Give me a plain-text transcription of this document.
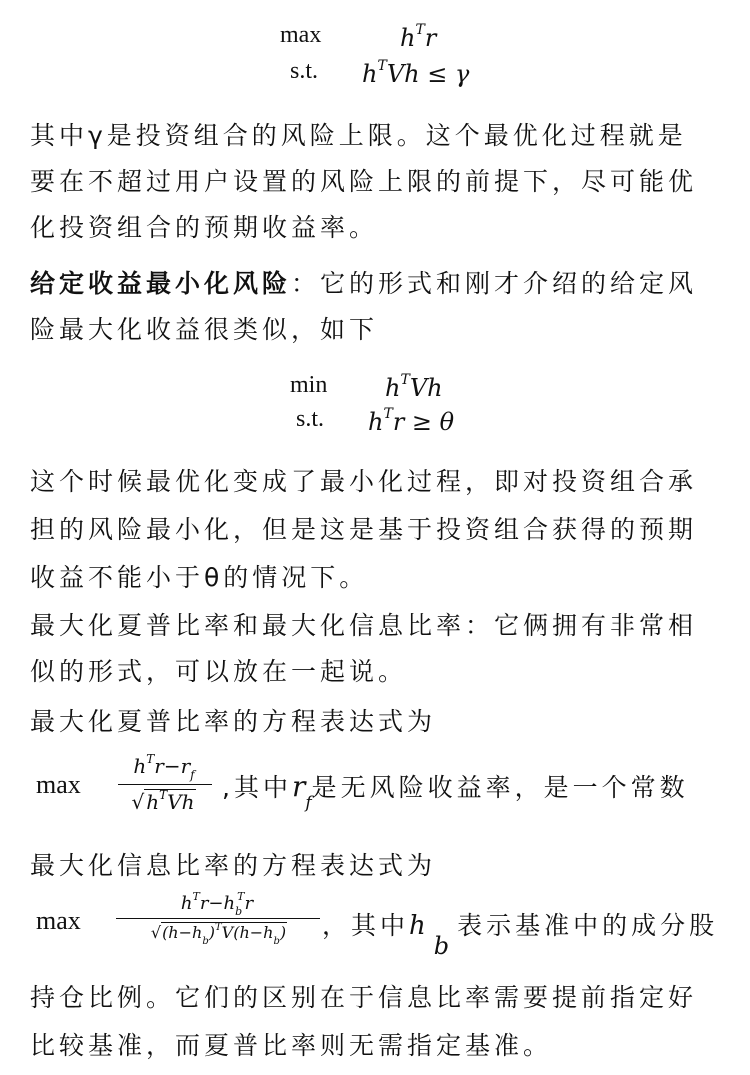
max	$h^Tr$
s.t. $h^TVh \le \gamma$
其中γ是投资组合的风险上限。这个最优化过程就是
要在不超过用户设置的风险上限的前提下，尽可能优
化投资组合的预期收益率。
给定收益最小化风险：它的形式和刚才介绍的给定风
险最大化收益很类似，如下
$\min h^TVh$
s.t. $h^Tr \ge \theta$
这个时候最优化变成了最小化过程，即对投资组合承
担的风险最小化，但是这是基于投资组合获得的预期
收益不能小于θ的情况下。
最大化夏普比率和最大化信息比率：它俩拥有非常相
似的形式，可以放在一起说。
最大化夏普比率的方程表达式为
max
$h^Tr-r_f$
√ $h^TVh$	,其中$r_f$是无风险收益率，是一个常数
最大化信息比率的方程表达式为
max
$h^Tr-h_b^Tr$
$√(h-h_b)^TV(h-h_b)$	，其中$h_b$表示基准中的成分股
持仓比例。它们的区别在于信息比率需要提前指定好
比较基准，而夏普比率则无需指定基准。
